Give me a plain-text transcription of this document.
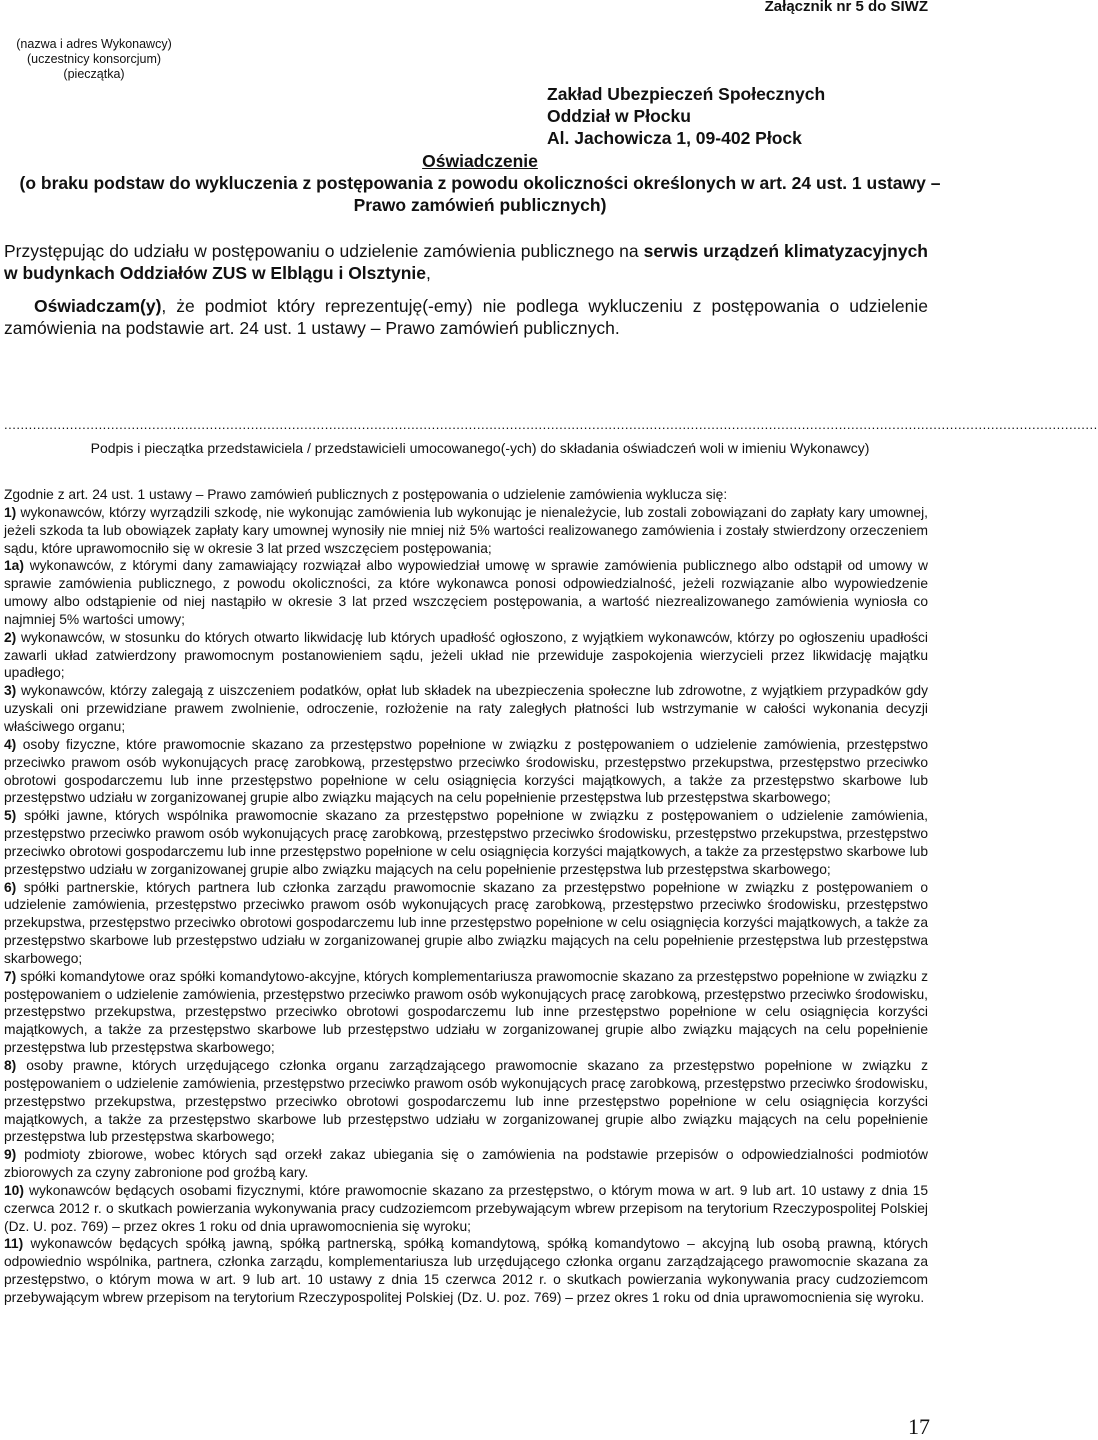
Załącznik nr 5 do SIWZ
(nazwa i adres Wykonawcy)
(uczestnicy konsorcjum)
(pieczątka)
Zakład Ubezpieczeń Społecznych
Oddział w Płocku
Al. Jachowicza 1, 09-402 Płock
Oświadczenie
(o braku podstaw do wykluczenia z postępowania z powodu okoliczności określonych w art. 24 ust. 1 ustawy – Prawo zamówień publicznych)
Przystępując do udziału w postępowaniu o udzielenie zamówienia publicznego na serwis urządzeń klimatyzacyjnych w budynkach Oddziałów ZUS w Elblągu i Olsztynie,
Oświadczam(y), że podmiot który reprezentuję(-emy) nie podlega wykluczeniu z postępowania o udzielenie zamówienia na podstawie art. 24 ust. 1 ustawy – Prawo zamówień publicznych.
..........................................................................................................................................................................................................................................................................
Podpis i pieczątka przedstawiciela / przedstawicieli umocowanego(-ych) do składania oświadczeń woli w imieniu Wykonawcy)

Zgodnie z art. 24 ust. 1 ustawy – Prawo zamówień publicznych z postępowania o udzielenie zamówienia wyklucza się:

1) wykonawców, którzy wyrządzili szkodę, nie wykonując zamówienia lub wykonując je nienależycie, lub zostali zobowiązani do zapłaty kary umownej, jeżeli szkoda ta lub obowiązek zapłaty kary umownej wynosiły nie mniej niż 5% wartości realizowanego zamówienia i zostały stwierdzony orzeczeniem sądu, które uprawomocniło się w okresie 3 lat przed wszczęciem postępowania;

1a) wykonawców, z którymi dany zamawiający rozwiązał albo wypowiedział umowę w sprawie zamówienia publicznego albo odstąpił od umowy w sprawie zamówienia publicznego, z powodu okoliczności, za które wykonawca ponosi odpowiedzialność, jeżeli rozwiązanie albo wypowiedzenie umowy albo odstąpienie od niej nastąpiło w okresie 3 lat przed wszczęciem postępowania, a wartość niezrealizowanego zamówienia wyniosła co najmniej 5% wartości umowy;

2) wykonawców, w stosunku do których otwarto likwidację lub których upadłość ogłoszono, z wyjątkiem wykonawców, którzy po ogłoszeniu upadłości zawarli układ zatwierdzony prawomocnym postanowieniem sądu, jeżeli układ nie przewiduje zaspokojenia wierzycieli przez likwidację majątku upadłego;

3) wykonawców, którzy zalegają z uiszczeniem podatków, opłat lub składek na ubezpieczenia społeczne lub zdrowotne, z wyjątkiem przypadków gdy uzyskali oni przewidziane prawem zwolnienie, odroczenie, rozłożenie na raty zaległych płatności lub wstrzymanie w całości wykonania decyzji właściwego organu;

4) osoby fizyczne, które prawomocnie skazano za przestępstwo popełnione w związku z postępowaniem o udzielenie zamówienia, przestępstwo przeciwko prawom osób wykonujących pracę zarobkową, przestępstwo przeciwko środowisku, przestępstwo przekupstwa, przestępstwo przeciwko obrotowi gospodarczemu lub inne przestępstwo popełnione w celu osiągnięcia korzyści majątkowych, a także za przestępstwo skarbowe lub przestępstwo udziału w zorganizowanej grupie albo związku mających na celu popełnienie przestępstwa lub przestępstwa skarbowego;

5) spółki jawne, których wspólnika prawomocnie skazano za przestępstwo popełnione w związku z postępowaniem o udzielenie zamówienia, przestępstwo przeciwko prawom osób wykonujących pracę zarobkową, przestępstwo przeciwko środowisku, przestępstwo przekupstwa, przestępstwo przeciwko obrotowi gospodarczemu lub inne przestępstwo popełnione w celu osiągnięcia korzyści majątkowych, a także za przestępstwo skarbowe lub przestępstwo udziału w zorganizowanej grupie albo związku mających na celu popełnienie przestępstwa lub przestępstwa skarbowego;

6) spółki partnerskie, których partnera lub członka zarządu prawomocnie skazano za przestępstwo popełnione w związku z postępowaniem o udzielenie zamówienia, przestępstwo przeciwko prawom osób wykonujących pracę zarobkową, przestępstwo przeciwko środowisku, przestępstwo przekupstwa, przestępstwo przeciwko obrotowi gospodarczemu lub inne przestępstwo popełnione w celu osiągnięcia korzyści majątkowych, a także za przestępstwo skarbowe lub przestępstwo udziału w zorganizowanej grupie albo związku mających na celu popełnienie przestępstwa lub przestępstwa skarbowego;

7) spółki komandytowe oraz spółki komandytowo-akcyjne, których komplementariusza prawomocnie skazano za przestępstwo popełnione w związku z postępowaniem o udzielenie zamówienia, przestępstwo przeciwko prawom osób wykonujących pracę zarobkową, przestępstwo przeciwko środowisku, przestępstwo przekupstwa, przestępstwo przeciwko obrotowi gospodarczemu lub inne przestępstwo popełnione w celu osiągnięcia korzyści majątkowych, a także za przestępstwo skarbowe lub przestępstwo udziału w zorganizowanej grupie albo związku mających na celu popełnienie przestępstwa lub przestępstwa skarbowego;

8) osoby prawne, których urzędującego członka organu zarządzającego prawomocnie skazano za przestępstwo popełnione w związku z postępowaniem o udzielenie zamówienia, przestępstwo przeciwko prawom osób wykonujących pracę zarobkową, przestępstwo przeciwko środowisku, przestępstwo przekupstwa, przestępstwo przeciwko obrotowi gospodarczemu lub inne przestępstwo popełnione w celu osiągnięcia korzyści majątkowych, a także za przestępstwo skarbowe lub przestępstwo udziału w zorganizowanej grupie albo związku mających na celu popełnienie przestępstwa lub przestępstwa skarbowego;

9) podmioty zbiorowe, wobec których sąd orzekł zakaz ubiegania się o zamówienia na podstawie przepisów o odpowiedzialności podmiotów zbiorowych za czyny zabronione pod groźbą kary.

10) wykonawców będących osobami fizycznymi, które prawomocnie skazano za przestępstwo, o którym mowa w art. 9 lub art. 10 ustawy z dnia 15 czerwca 2012 r. o skutkach powierzania wykonywania pracy cudzoziemcom przebywającym wbrew przepisom na terytorium Rzeczypospolitej Polskiej (Dz. U. poz. 769) – przez okres 1 roku od dnia uprawomocnienia się wyroku;

11) wykonawców będących spółką jawną, spółką partnerską, spółką komandytową, spółką komandytowo – akcyjną lub osobą prawną, których odpowiednio wspólnika, partnera, członka zarządu, komplementariusza lub urzędującego członka organu zarządzającego prawomocnie skazana za przestępstwo, o którym mowa w art. 9 lub art. 10 ustawy z dnia 15 czerwca 2012 r. o skutkach powierzania wykonywania pracy cudzoziemcom przebywającym wbrew przepisom na terytorium Rzeczypospolitej Polskiej (Dz. U. poz. 769) – przez okres 1 roku od dnia uprawomocnienia się wyroku.

17
